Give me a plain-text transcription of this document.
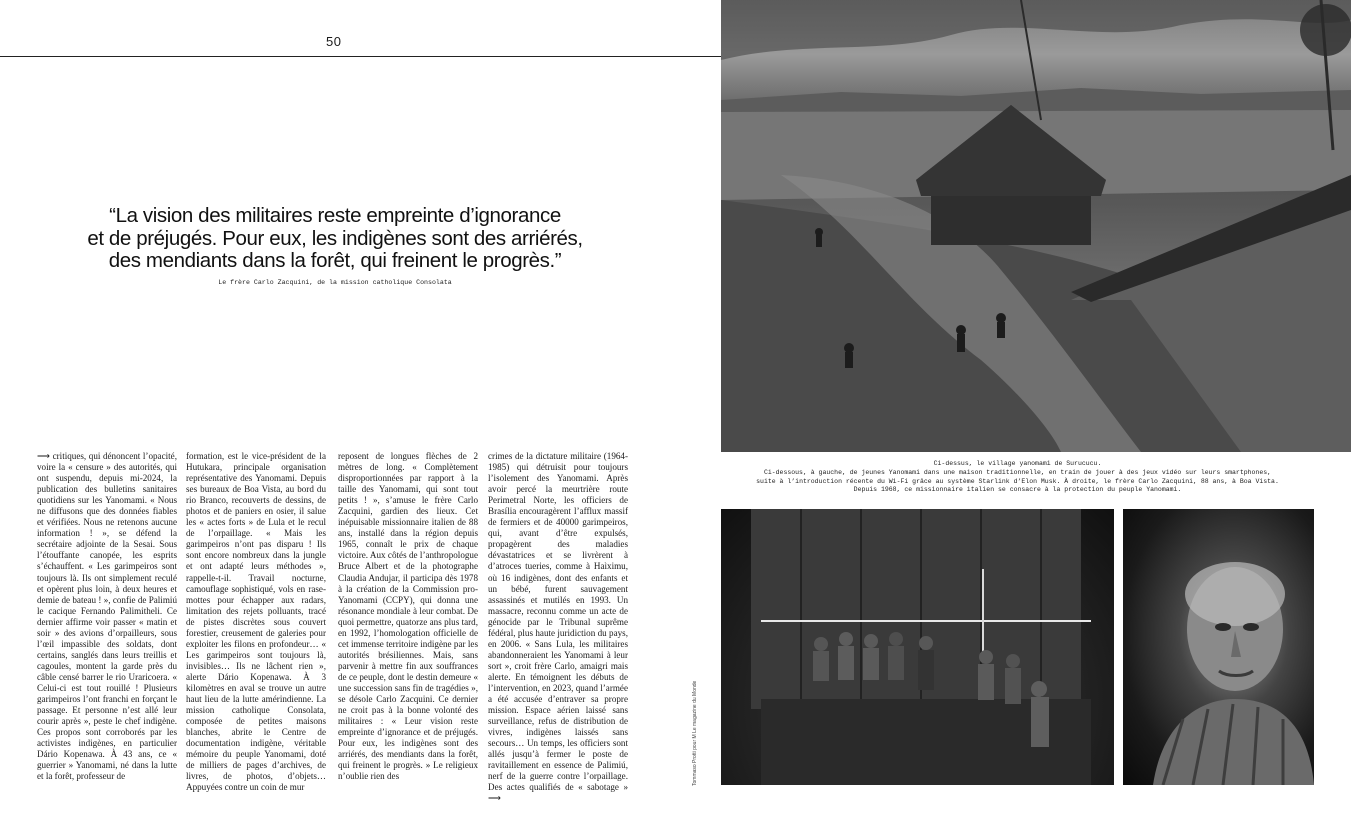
50
“La vision des militaires reste empreinte d’ignorance
et de préjugés. Pour eux, les indigènes sont des arriérés,
des mendiants dans la forêt, qui freinent le progrès.”
Le frère Carlo Zacquini, de la mission catholique Consolata

⟶ critiques, qui dénoncent l’opacité, voire la « censure » des autorités, qui ont suspendu, depuis mi-2024, la publication des bulletins sanitaires quotidiens sur les Yanomami. « Nous ne diffusons que des données fiables et vérifiées. Nous ne retenons aucune information ! », se défend la secrétaire adjointe de la Sesai. Sous l’étouffante canopée, les esprits s’échauffent. « Les garimpeiros sont toujours là. Ils ont simplement reculé et opèrent plus loin, à deux heures et demie de bateau ! », confie de Palimiú le cacique Fernando Palimitheli. Ce dernier affirme voir passer « matin et soir » des avions d’orpailleurs, sous l’œil impassible des soldats, dont certains, sanglés dans leurs treillis et cagoules, montent la garde près du câble censé barrer le rio Uraricoera. « Celui-ci est tout rouillé ! Plusieurs garimpeiros l’ont franchi en forçant le passage. Et personne n’est allé leur courir après », peste le chef indigène. Ces propos sont corroborés par les activistes indigènes, en particulier Dário Kopenawa. À 43 ans, ce « guerrier » Yanomami, né dans la lutte et la forêt, professeur de

formation, est le vice-président de la Hutukara, principale organisation représentative des Yanomami. Depuis ses bureaux de Boa Vista, au bord du rio Branco, recouverts de dessins, de photos et de paniers en osier, il salue les « actes forts » de Lula et le recul de l’orpaillage. « Mais les garimpeiros n’ont pas disparu ! Ils sont encore nombreux dans la jungle et ont adapté leurs méthodes », rappelle-t-il. Travail nocturne, camouflage sophistiqué, vols en rase-mottes pour échapper aux radars, limitation des rejets polluants, tracé de pistes discrètes sous couvert forestier, creusement de galeries pour exploiter les filons en profondeur… « Les garimpeiros sont toujours là, invisibles… Ils ne lâchent rien », alerte Dário Kopenawa. À 3 kilomètres en aval se trouve un autre haut lieu de la lutte amérindienne. La mission catholique Consolata, composée de petites maisons blanches, abrite le Centre de documentation indigène, véritable mémoire du peuple Yanomami, doté de milliers de pages d’archives, de livres, de photos, d’objets… Appuyées contre un coin de mur

reposent de longues flèches de 2 mètres de long. « Complètement disproportionnées par rapport à la taille des Yanomami, qui sont tout petits ! », s’amuse le frère Carlo Zacquini, gardien des lieux. Cet inépuisable missionnaire italien de 88 ans, installé dans la région depuis 1965, connaît le prix de chaque victoire. Aux côtés de l’anthropologue Bruce Albert et de la photographe Claudia Andujar, il participa dès 1978 à la création de la Commission pro-Yanomami (CCPY), qui donna une résonance mondiale à leur combat. De quoi permettre, quatorze ans plus tard, en 1992, l’homologation officielle de cet immense territoire indigène par les autorités brésiliennes. Mais, sans parvenir à mettre fin aux souffrances de ce peuple, dont le destin demeure « une succession sans fin de tragédies », se désole Carlo Zacquini. Ce dernier ne croit pas à la bonne volonté des militaires : « Leur vision reste empreinte d’ignorance et de préjugés. Pour eux, les indigènes sont des arriérés, des mendiants dans la forêt, qui freinent le progrès. » Le religieux n’oublie rien des

crimes de la dictature militaire (1964-1985) qui détruisit pour toujours l’isolement des Yanomami. Après avoir percé la meurtrière route Perimetral Norte, les officiers de Brasília encouragèrent l’afflux massif de fermiers et de 40000 garimpeiros, qui, avant d’être expulsés, propagèrent des maladies dévastatrices et se livrèrent à d’atroces tueries, comme à Haìximu, où 16 indigènes, dont des enfants et un bébé, furent sauvagement assassinés et mutilés en 1993. Un massacre, reconnu comme un acte de génocide par le Tribunal suprême fédéral, plus haute juridiction du pays, en 2006. « Sans Lula, les militaires abandonneraient les Yanomami à leur sort », croit frère Carlo, amaigri mais alerte. En témoignent les débuts de l’intervention, en 2023, quand l’armée a été accusée d’entraver sa propre mission. Espace aérien laissé sans surveillance, refus de distribution de vivres, indigènes laissés sans secours… Un temps, les officiers sont allés jusqu’à fermer le poste de ravitaillement en essence de Palimiú, nerf de la guerre contre l’orpaillage. Des actes qualifiés de « sabotage » ⟶

Ci-dessus, le village yanomami de Surucucu.
Ci-dessous, à gauche, de jeunes Yanomami dans une maison traditionnelle, en train de jouer à des jeux vidéo sur leurs smartphones,
suite à l’introduction récente du Wi-Fi grâce au système Starlink d’Elon Musk. À droite, le frère Carlo Zacquini, 88 ans, à Boa Vista.
Depuis 1968, ce missionnaire italien se consacre à la protection du peuple Yanomami.
Tommaso Protti pour M Le magazine du Monde
